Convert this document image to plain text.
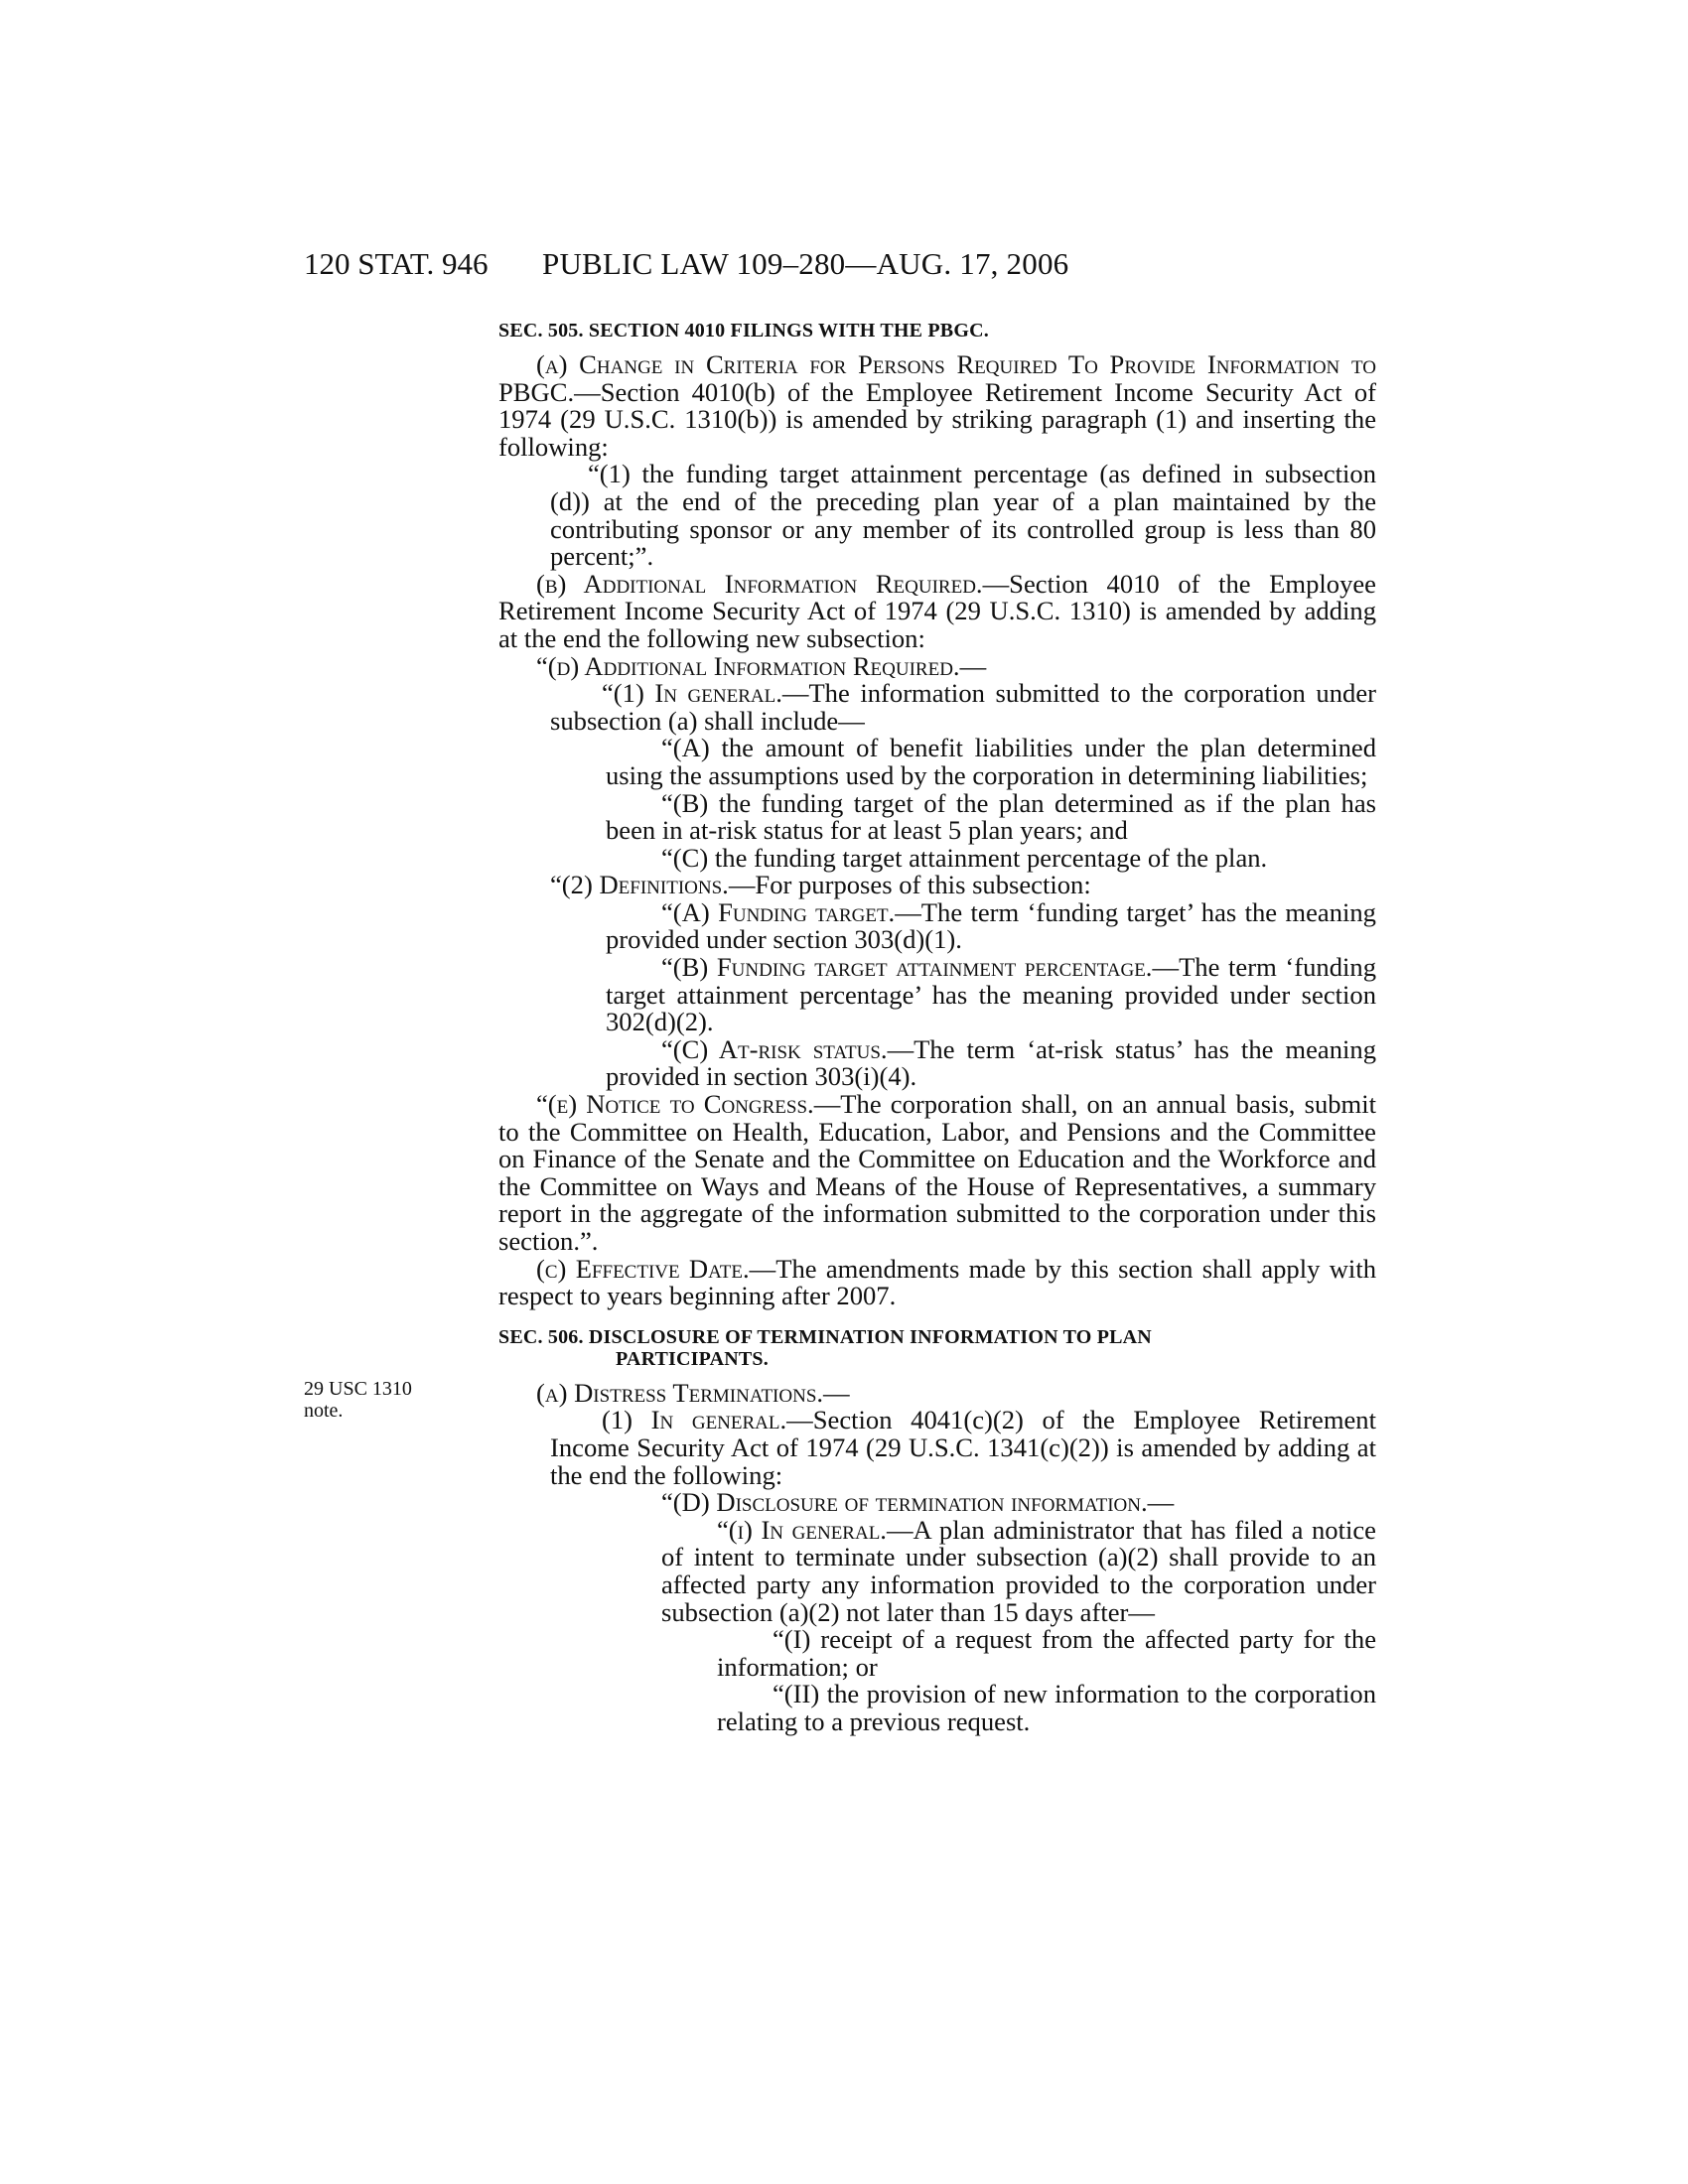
120 STAT. 946 PUBLIC LAW 109–280—AUG. 17, 2006
29 USC 1310
note.
SEC. 505. SECTION 4010 FILINGS WITH THE PBGC.

(a) Change in Criteria for Persons Required To Provide Information to PBGC.—Section 4010(b) of the Employee Retirement Income Security Act of 1974 (29 U.S.C. 1310(b)) is amended by striking paragraph (1) and inserting the following:

“(1) the funding target attainment percentage (as defined in subsection (d)) at the end of the preceding plan year of a plan maintained by the contributing sponsor or any member of its controlled group is less than 80 percent;”.

(b) Additional Information Required.—Section 4010 of the Employee Retirement Income Security Act of 1974 (29 U.S.C. 1310) is amended by adding at the end the following new subsection:

“(d) Additional Information Required.—

“(1) In general.—The information submitted to the corporation under subsection (a) shall include—

“(A) the amount of benefit liabilities under the plan determined using the assumptions used by the corporation in determining liabilities;

“(B) the funding target of the plan determined as if the plan has been in at-risk status for at least 5 plan years; and

“(C) the funding target attainment percentage of the plan.

“(2) Definitions.—For purposes of this subsection:

“(A) Funding target.—The term ‘funding target’ has the meaning provided under section 303(d)(1).

“(B) Funding target attainment percentage.—The term ‘funding target attainment percentage’ has the meaning provided under section 302(d)(2).

“(C) At-risk status.—The term ‘at-risk status’ has the meaning provided in section 303(i)(4).

“(e) Notice to Congress.—The corporation shall, on an annual basis, submit to the Committee on Health, Education, Labor, and Pensions and the Committee on Finance of the Senate and the Committee on Education and the Workforce and the Committee on Ways and Means of the House of Representatives, a summary report in the aggregate of the information submitted to the corporation under this section.”.

(c) Effective Date.—The amendments made by this section shall apply with respect to years beginning after 2007.

SEC. 506. DISCLOSURE OF TERMINATION INFORMATION TO PLAN
PARTICIPANTS.

(a) Distress Terminations.—

(1) In general.—Section 4041(c)(2) of the Employee Retirement Income Security Act of 1974 (29 U.S.C. 1341(c)(2)) is amended by adding at the end the following:

“(D) Disclosure of termination information.—

“(i) In general.—A plan administrator that has filed a notice of intent to terminate under subsection (a)(2) shall provide to an affected party any information provided to the corporation under subsection (a)(2) not later than 15 days after—

“(I) receipt of a request from the affected party for the information; or

“(II) the provision of new information to the corporation relating to a previous request.
